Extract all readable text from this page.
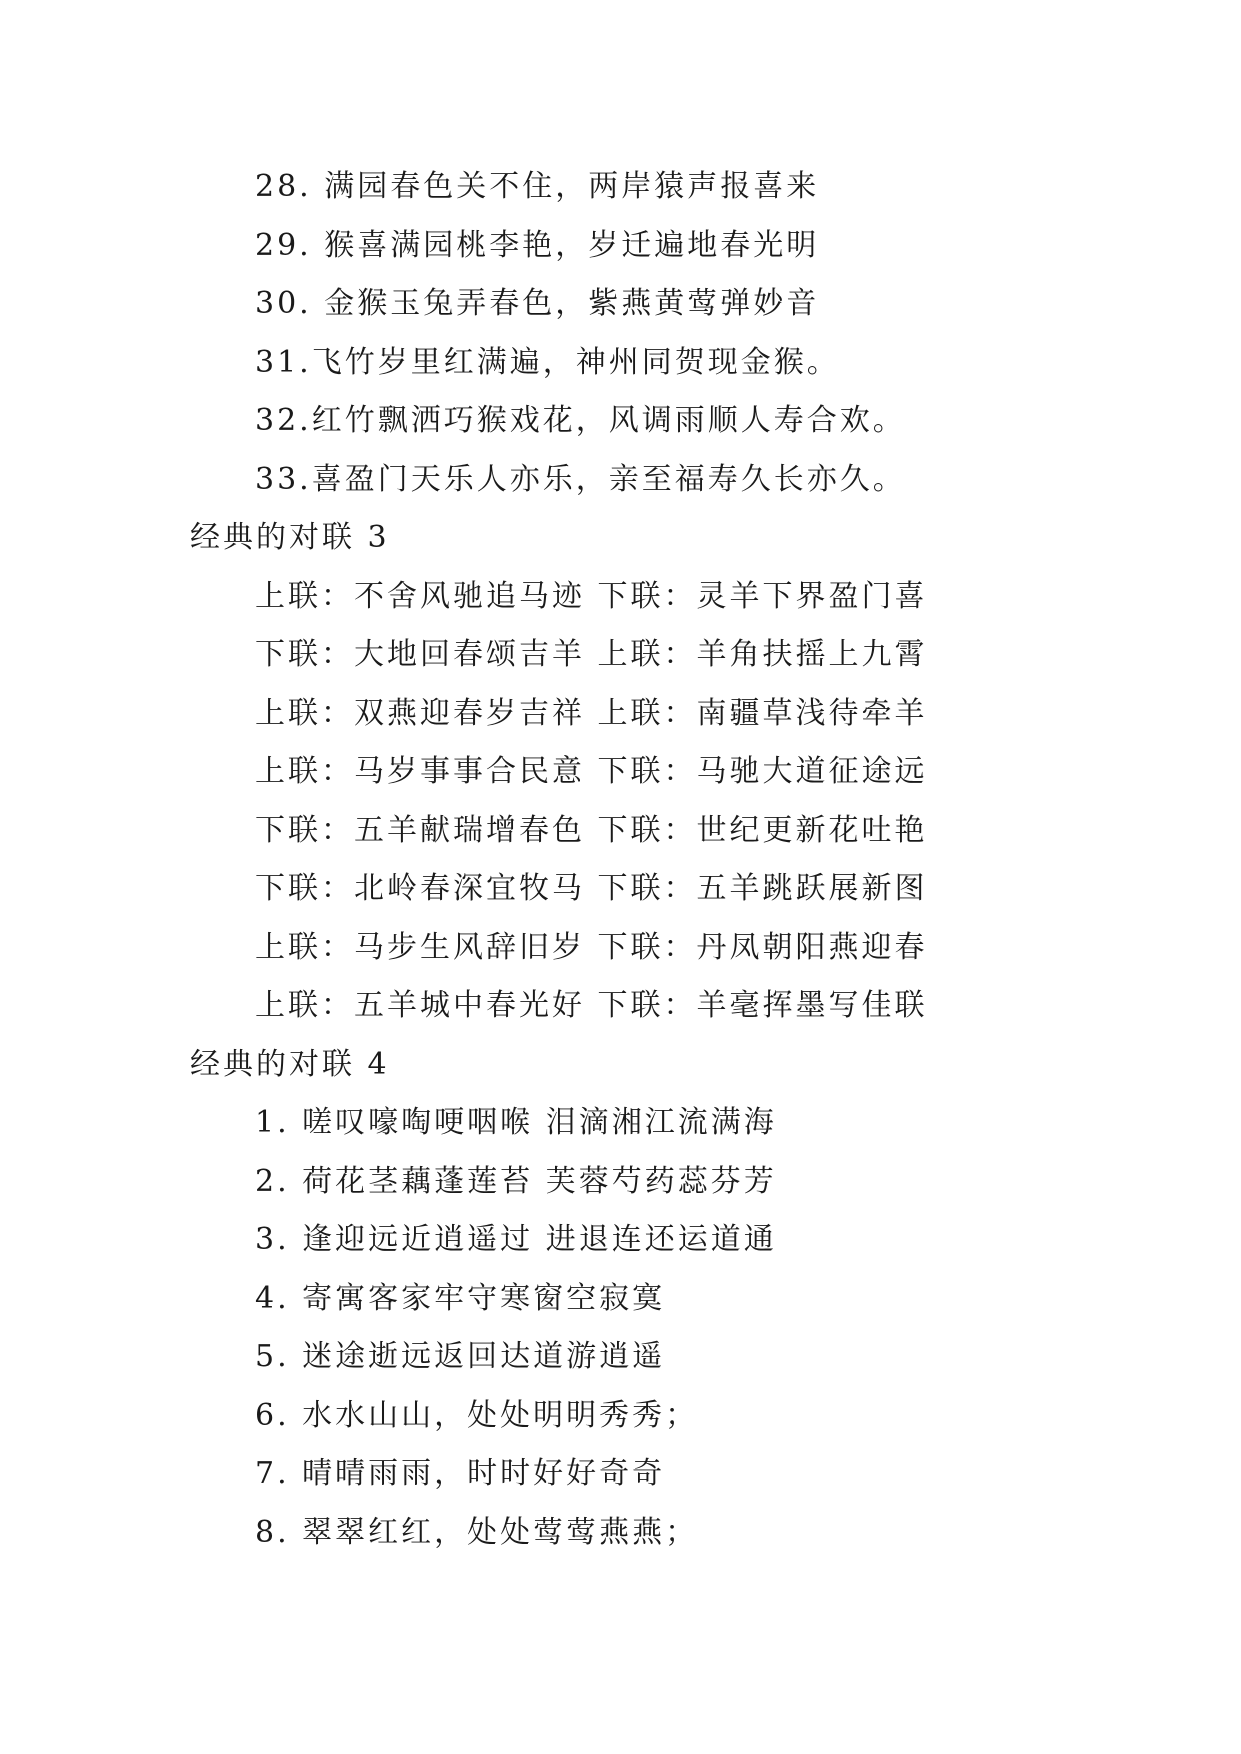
28. 满园春色关不住，两岸猿声报喜来
29. 猴喜满园桃李艳，岁迁遍地春光明
30. 金猴玉兔弄春色，紫燕黄莺弹妙音
31.飞竹岁里红满遍，神州同贺现金猴。
32.红竹飘洒巧猴戏花，风调雨顺人寿合欢。
33.喜盈门天乐人亦乐，亲至福寿久长亦久。
经典的对联 3
上联：不舍风驰追马迹 下联：灵羊下界盈门喜
下联：大地回春颂吉羊 上联：羊角扶摇上九霄
上联：双燕迎春岁吉祥 上联：南疆草浅待牵羊
上联：马岁事事合民意 下联：马驰大道征途远
下联：五羊献瑞增春色 下联：世纪更新花吐艳
下联：北岭春深宜牧马 下联：五羊跳跃展新图
上联：马步生风辞旧岁 下联：丹凤朝阳燕迎春
上联：五羊城中春光好 下联：羊毫挥墨写佳联
经典的对联 4
1. 嗟叹嚎啕哽咽喉 泪滴湘江流满海
2. 荷花茎藕蓬莲苔 芙蓉芍药蕊芬芳
3. 逢迎远近逍遥过 进退连还运道通
4. 寄寓客家牢守寒窗空寂寞
5. 迷途逝远返回达道游逍遥
6. 水水山山，处处明明秀秀；
7. 晴晴雨雨，时时好好奇奇
8. 翠翠红红，处处莺莺燕燕；
